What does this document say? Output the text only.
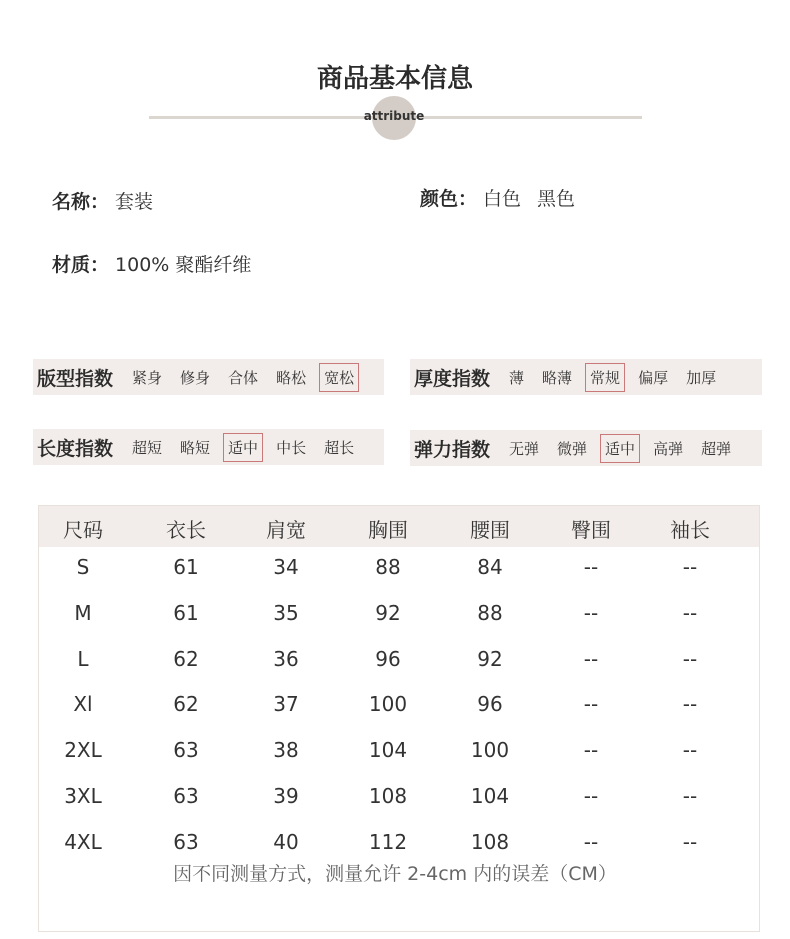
商品基本信息
attribute
名称： 套装	颜色： 白色 黑色
材质： 100% 聚酯纤维
版型指数	紧身	修身	合体	略松	宽松	厚度指数	薄	略薄	常规	偏厚	加厚
长度指数	超短	略短	适中	中长	超长	弹力指数	无弹	微弹	适中	高弹	超弹
尺码	衣长	肩宽	胸围	腰围	臀围	袖长
S	61	34	88	84	--	--
M	61	35	92	88	--	--
L	62	36	96	92	--	--
Xl	62	37	100	96	--	--
2XL	63	38	104	100	--	--
3XL	63	39	108	104	--	--
4XL	63	40	112	108	--	--
因不同测量方式，测量允许 2-4cm 内的误差（CM）
